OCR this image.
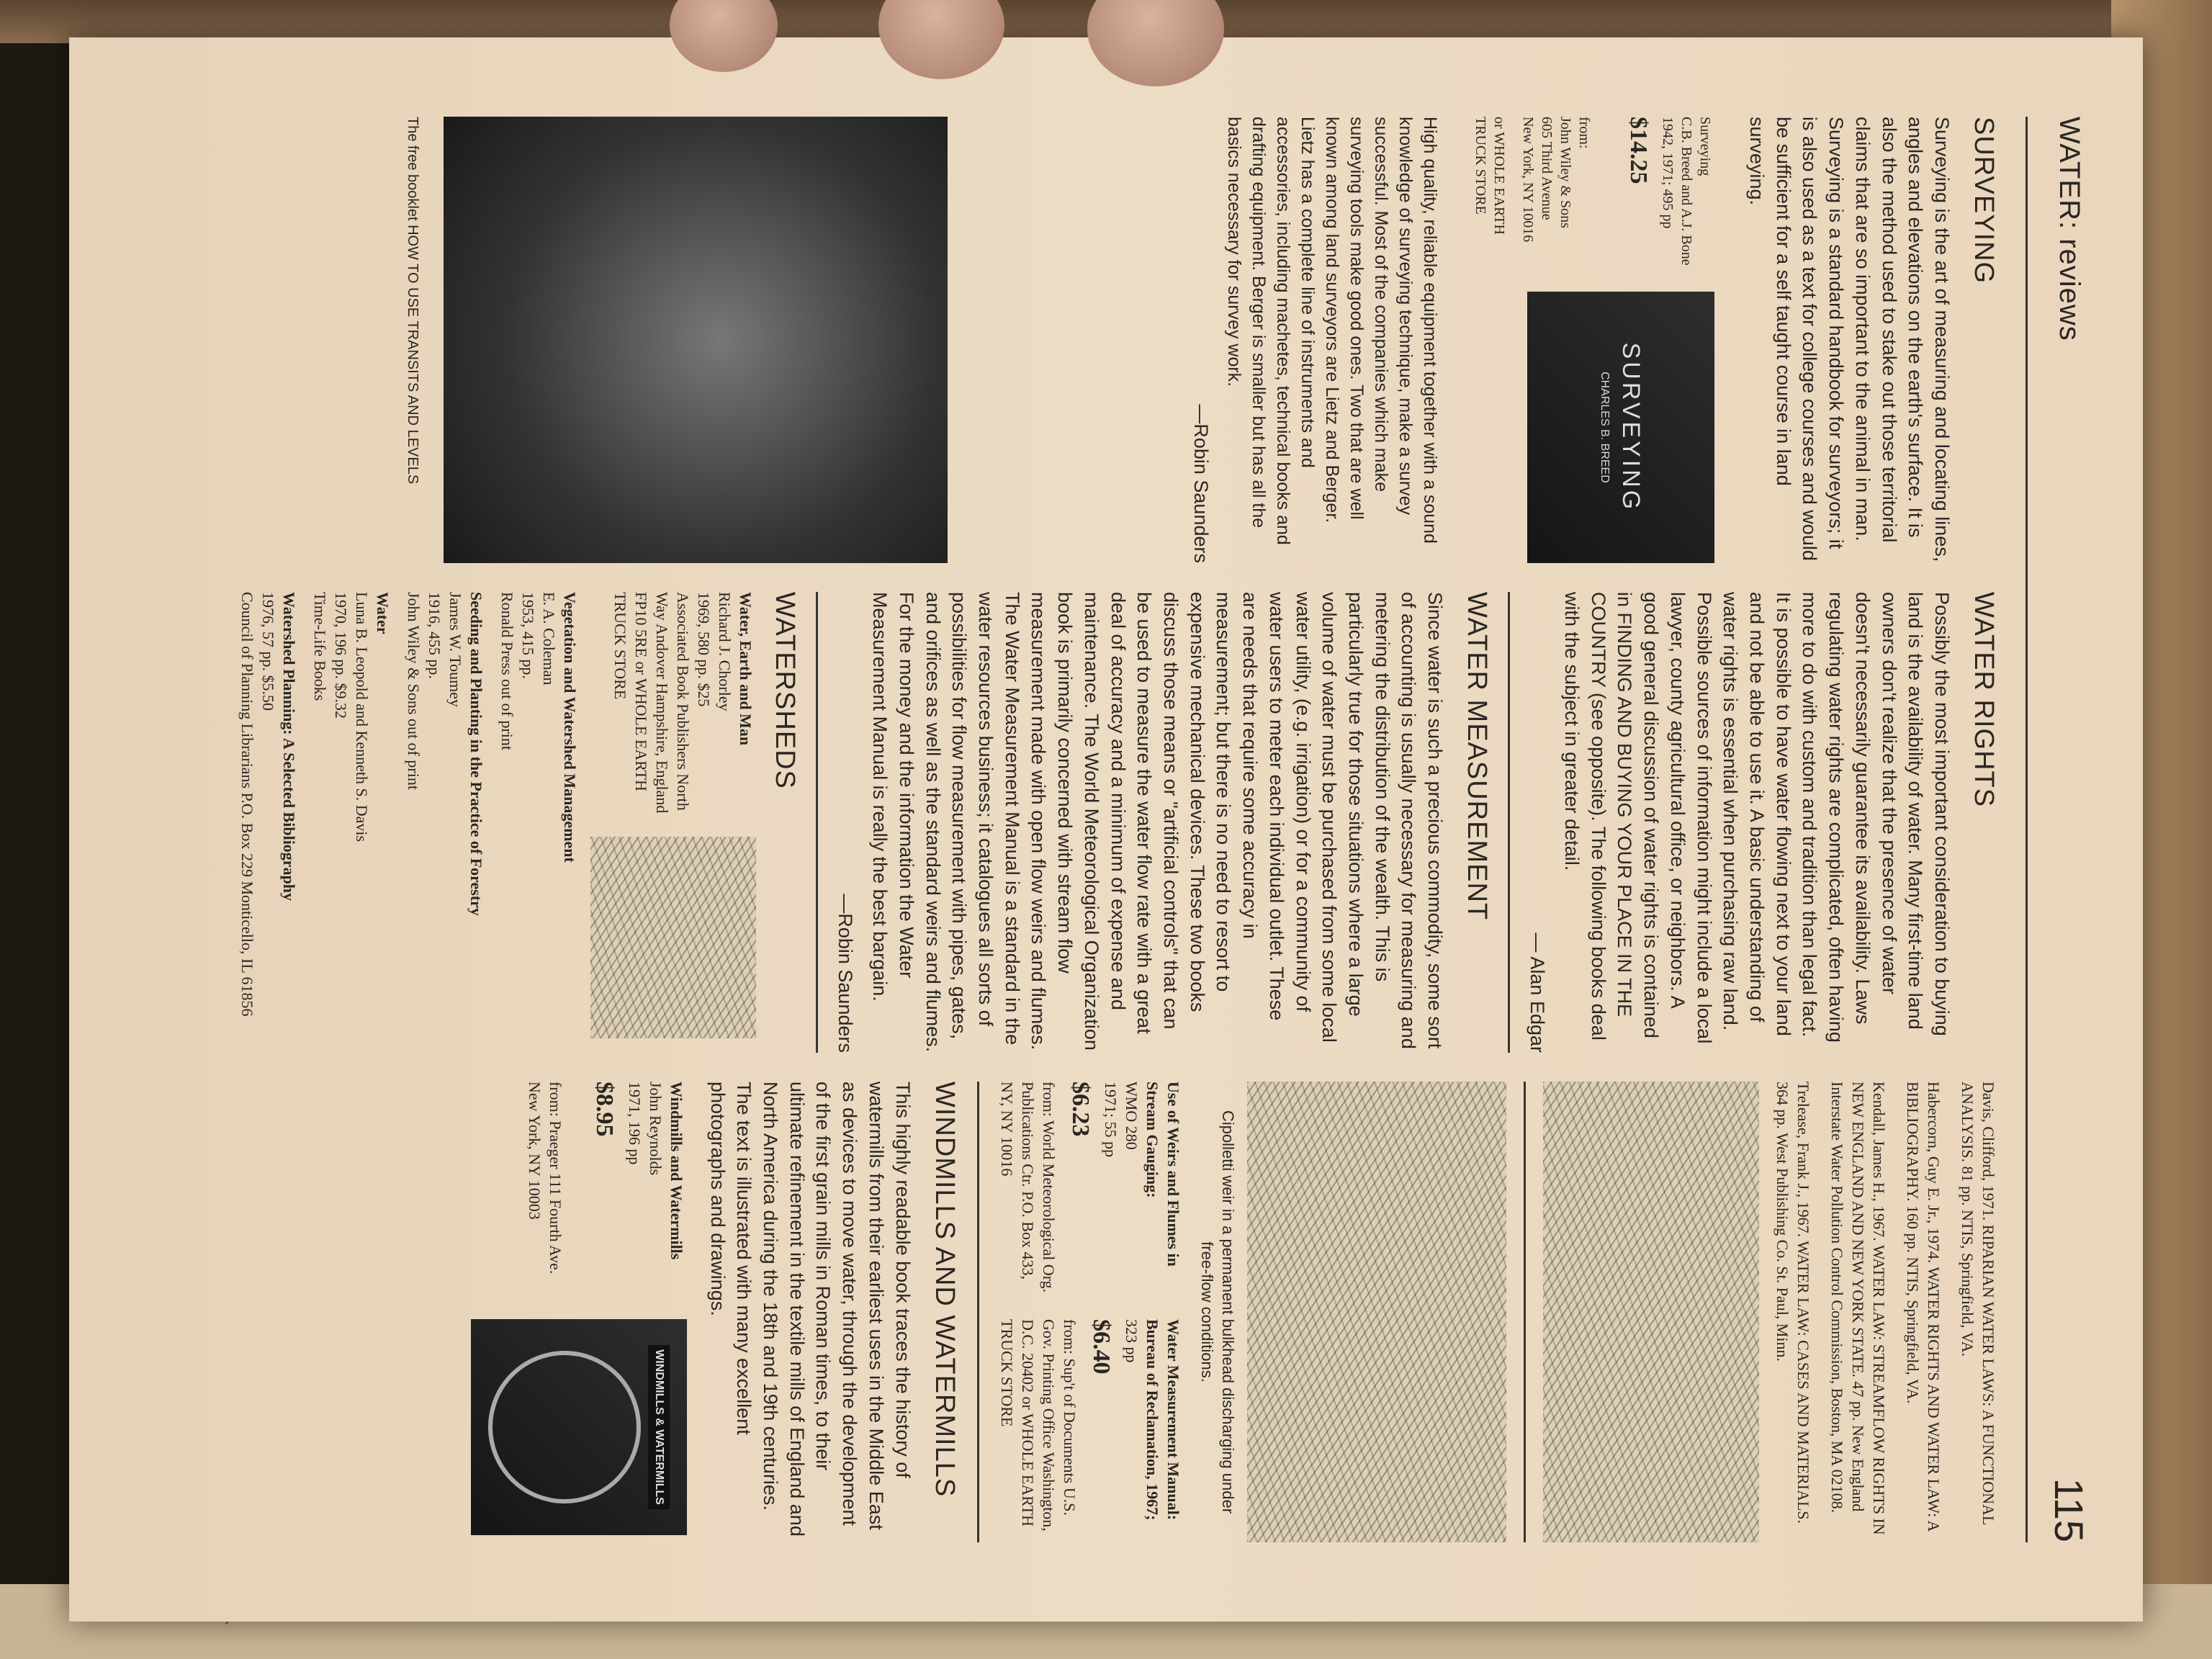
WATER: reviews
115
SURVEYING

Surveying is the art of measuring and locating lines, angles and elevations on the earth's surface. It is also the method used to stake out those territorial claims that are so important to the animal in man. Surveying is a standard handbook for surveyors; it is also used as a text for college courses and would be sufficient for a self taught course in land surveying.

Surveying
C.B. Breed and A.J. Bone
1942, 1971; 495 pp
$14.25
from:
John Wiley & Sons
605 Third Avenue
New York, NY 10016
or WHOLE EARTH TRUCK STORE
SURVEYING
CHARLES B. BREED

High quality, reliable equipment together with a sound knowledge of surveying technique, make a survey successful. Most of the companies which make surveying tools make good ones. Two that are well known among land surveyors are Lietz and Berger. Lietz has a complete line of instruments and accessories, including machetes, technical books and drafting equipment. Berger is smaller but has all the basics necessary for survey work.

—Robin Saunders

The free booklet HOW TO USE TRANSITS AND LEVELS
WATER RIGHTS

Possibly the most important consideration to buying land is the availability of water. Many first-time land owners don't realize that the presence of water doesn't necessarily guarantee its availability. Laws regulating water rights are complicated, often having more to do with custom and tradition than legal fact. It is possible to have water flowing next to your land and not be able to use it. A basic understanding of water rights is essential when purchasing raw land. Possible sources of information might include a local lawyer, county agricultural office, or neighbors. A good general discussion of water rights is contained in FINDING AND BUYING YOUR PLACE IN THE COUNTRY (see opposite). The following books deal with the subject in greater detail.

— Alan Edgar

WATER MEASUREMENT

Since water is such a precious commodity, some sort of accounting is usually necessary for measuring and metering the distribution of the wealth. This is particularly true for those situations where a large volume of water must be purchased from some local water utility, (e.g. irrigation) or for a community of water users to meter each individual outlet. These are needs that require some accuracy in measurement; but there is no need to resort to expensive mechanical devices. These two books discuss those means or "artificial controls" that can be used to measure the water flow rate with a great deal of accuracy and a minimum of expense and maintenance. The World Meteorological Organization book is primarily concerned with stream flow measurement made with open flow weirs and flumes. The Water Measurement Manual is a standard in the water resources business; it catalogues all sorts of possibilities for flow measurement with pipes, gates, and orifices as well as the standard weirs and flumes. For the money and the information the Water Measurement Manual is really the best bargain.

—Robin Saunders

WATERSHEDS
Water, Earth and Man
Richard J. Chorley
1969, 580 pp. $25
Associated Book Publishers North Way Andover Hampshire, England FP10 5RE or WHOLE EARTH TRUCK STORE
Vegetation and Watershed Management
E. A. Coleman
1953, 415 pp.
Ronald Press out of print
Seeding and Planting in the Practice of Forestry
James W. Toumey
1916, 455 pp.
John Wiley & Sons out of print
Water
Luna B. Leopold and Kenneth S. Davis
1970, 196 pp. $9.32
Time-Life Books
Watershed Planning: A Selected Bibliography
1976, 57 pp. $5.50
Council of Planning Librarians P.O. Box 229 Monticello, IL 61856

Davis, Clifford, 1971. RIPARIAN WATER LAWS: A FUNCTIONAL ANALYSIS. 81 pp. NTIS, Springfield, VA.

Habercorn, Guy E. Jr., 1974. WATER RIGHTS AND WATER LAW: A BIBLIOGRAPHY. 160 pp. NTIS, Springfield, VA.

Kendall, James H., 1967. WATER LAW: STREAMFLOW RIGHTS IN NEW ENGLAND AND NEW YORK STATE. 47 pp. New England Interstate Water Pollution Control Commission, Boston, MA 02108.

Trelease, Frank J., 1967. WATER LAW: CASES AND MATERIALS. 364 pp. West Publishing Co. St. Paul, Minn.

Cipolletti weir in a permanent bulkhead discharging under free-flow conditions.
Use of Weirs and Flumes in Stream Gauging:
WMO 280
1971; 55 pp
$6.23
from: World Meteorological Org. Publications Ctr. P.O. Box 433, NY, NY 10016
Water Measurement Manual: Bureau of Reclamation, 1967;
323 pp
$6.40
from: Sup't of Documents U.S. Gov. Printing Office Washington, D.C. 20402 or WHOLE EARTH TRUCK STORE
WINDMILLS AND WATERMILLS

This highly readable book traces the history of watermills from their earliest uses in the Middle East as devices to move water, through the development of the first grain mills in Roman times, to their ultimate refinement in the textile mills of England and North America during the 18th and 19th centuries. The text is illustrated with many excellent photographs and drawings.

Windmills and Watermills
John Reynolds
1971, 196 pp
$8.95
from: Praeger 111 Fourth Ave. New York, NY 10003
WINDMILLS & WATERMILLS
